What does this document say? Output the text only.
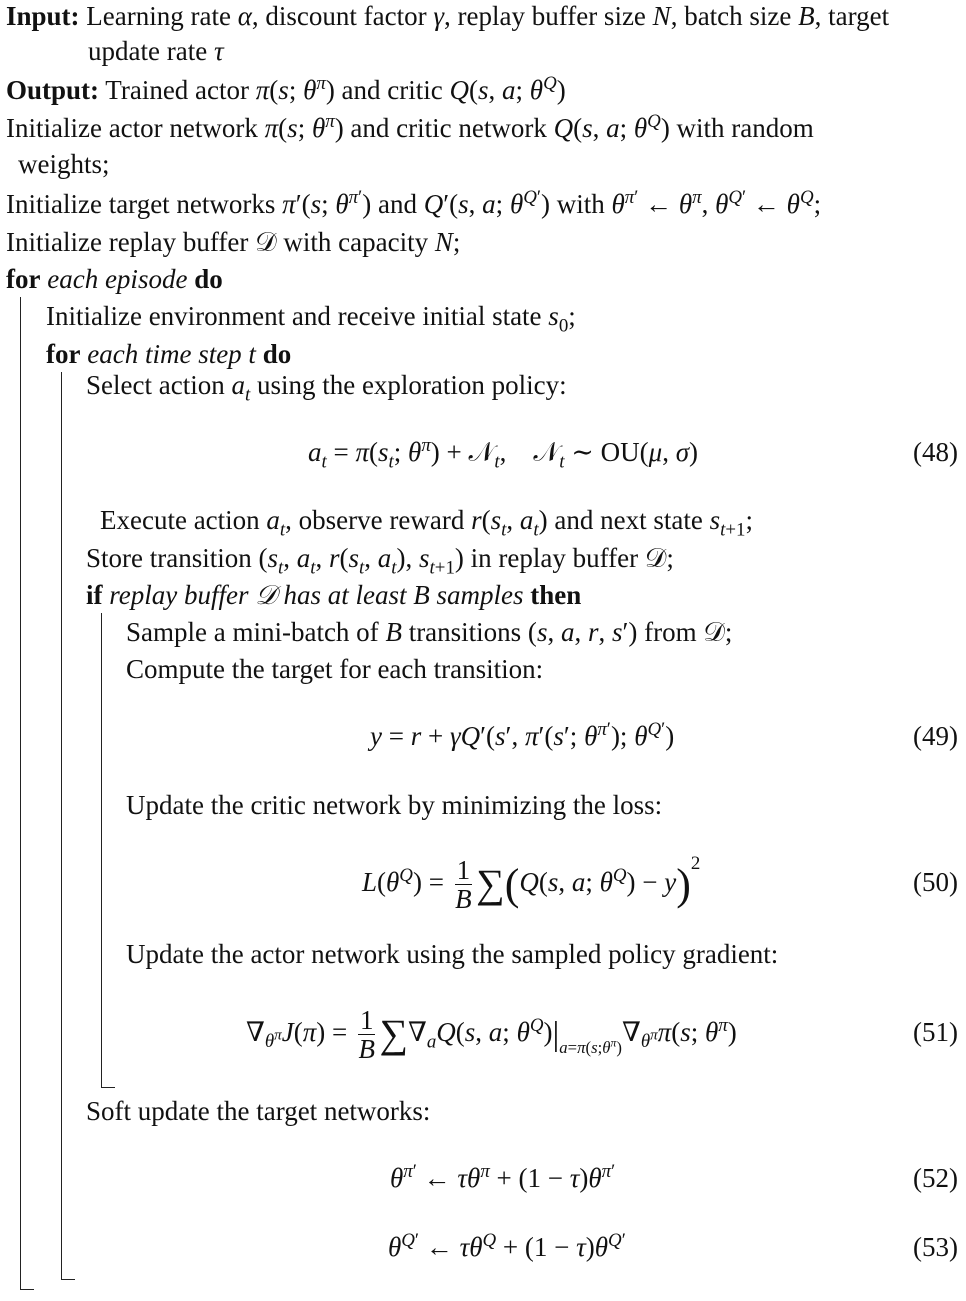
Input: Learning rate α, discount factor γ, replay buffer size N, batch size B, target
update rate τ
Output: Trained actor π(s; $\theta^\pi$) and critic Q(s, a; $\theta^Q$)
Initialize actor network π(s; $\theta^\pi$) and critic network Q(s, a; $\theta^Q$) with random
weights;
Initialize target networks π′(s; $\theta^{\pi'}$) and Q′(s, a; $\theta^{Q'}$) with $\theta^{\pi'}$ ← $\theta^\pi$, $\theta^{Q'}$ ← $\theta^Q$;
Initialize replay buffer 𝒟 with capacity N;
for each episode do
Initialize environment and receive initial state $s_0$;
for each time step t do
Select action $a_t$ using the exploration policy:
$a_t = \pi(s_t$; $\theta^\pi$) + 𝒩$_t$,    𝒩$_t$ ∼ OU(μ, σ)	(48)
Execute action $a_t$, observe reward $r(s_t$, $a_t$) and next state $s_{t+1}$;
Store transition ($s_t$, $a_t$, $r(s_t$, $a_t$), $s_{t+1}$) in replay buffer 𝒟;
if replay buffer 𝒟 has at least B samples then
Sample a mini-batch of B transitions (s, a, r, s′) from 𝒟;
Compute the target for each transition:
y = r + γQ′(s′, π′(s′; $\theta^{\pi'}$); $\theta^{Q'}$)	(49)
Update the critic network by minimizing the loss:
$L(\theta^Q) = \frac{1}{B} \sum(Q(s$, a; $\theta^Q) - y)^2$
(50)
Update the actor network using the sampled policy gradient:
$\nabla_{\theta^\pi}J(\pi) = \frac{1}{B} \sum\nabla_aQ(s$, a; $\theta^Q)|_{a=\pi(s;\theta^\pi)}\nabla_{\theta^\pi}\pi(s$; $\theta^\pi$)	(51)
Soft update the target networks:
$\theta^{\pi'}$ ← $\tau\theta^\pi + (1 - \tau)\theta^{\pi'}$	(52)
$\theta^{Q'}$ ← $\tau\theta^Q + (1 - \tau)\theta^{Q'}$	(53)
